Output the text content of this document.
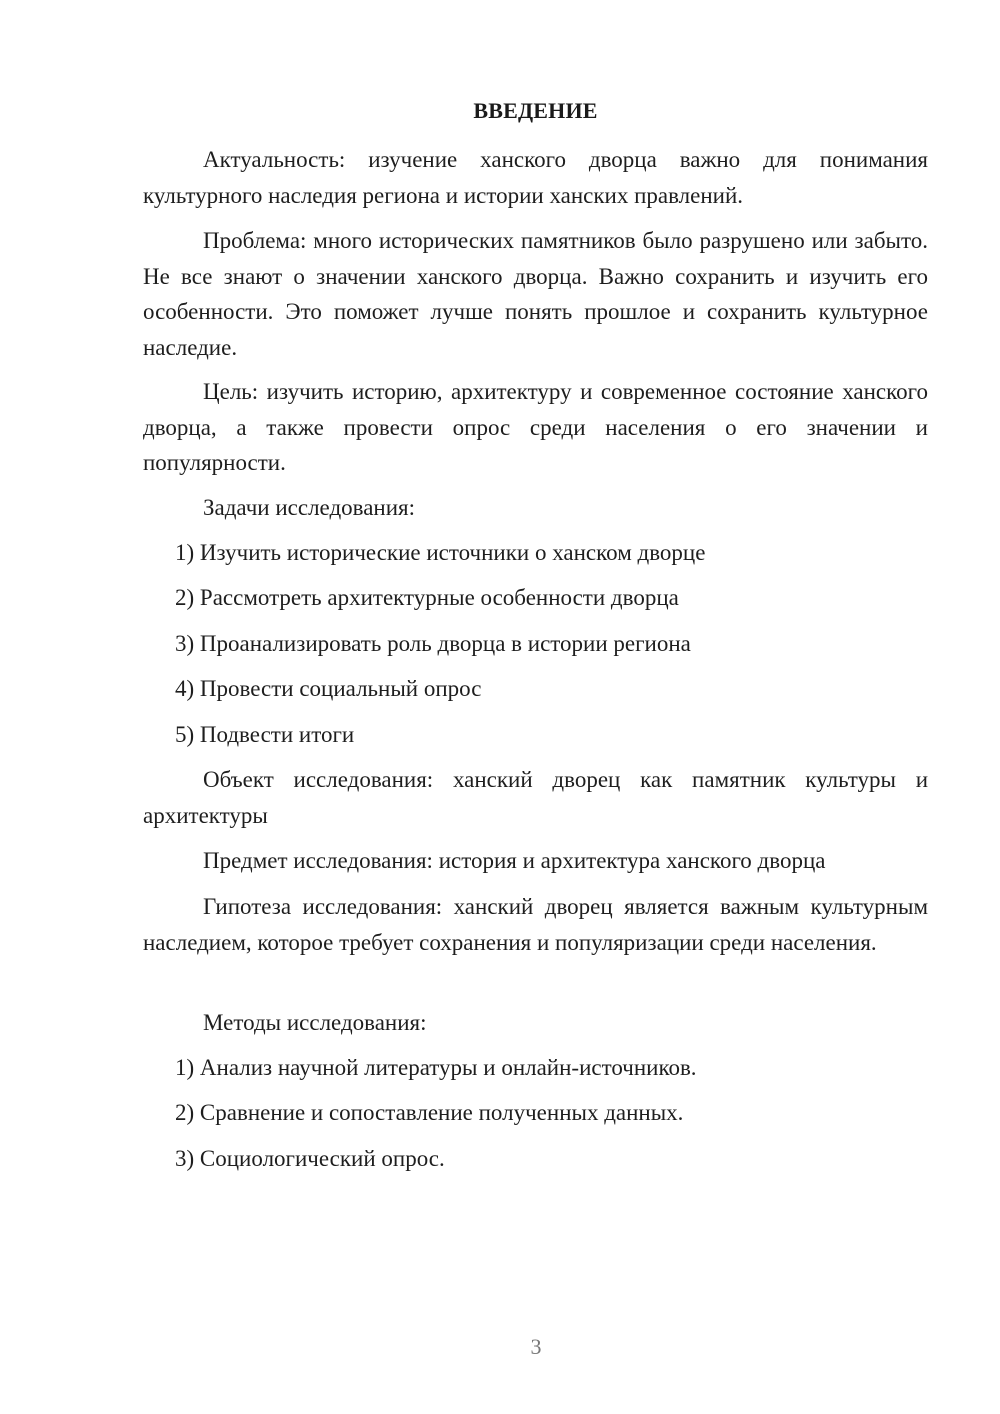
ВВЕДЕНИЕ

Актуальность: изучение ханского дворца важно для понимания культурного наследия региона и истории ханских правлений.

Проблема: много исторических памятников было разрушено или забыто. Не все знают о значении ханского дворца. Важно сохранить и изучить его особенности. Это поможет лучше понять прошлое и сохранить культурное наследие.

Цель: изучить историю, архитектуру и современное состояние ханского дворца, а также провести опрос среди населения о его значении и популярности.

Задачи исследования:

1) Изучить исторические источники о ханском дворце

2) Рассмотреть архитектурные особенности дворца

3) Проанализировать роль дворца в истории региона

4) Провести социальный опрос

5) Подвести итоги

Объект исследования: ханский дворец как памятник культуры и архитектуры

Предмет исследования: история и архитектура ханского дворца

Гипотеза исследования: ханский дворец является важным культурным наследием, которое требует сохранения и популяризации среди населения.

Методы исследования:

1) Анализ научной литературы и онлайн-источников.

2) Сравнение и сопоставление полученных данных.

3) Социологический опрос.

3
